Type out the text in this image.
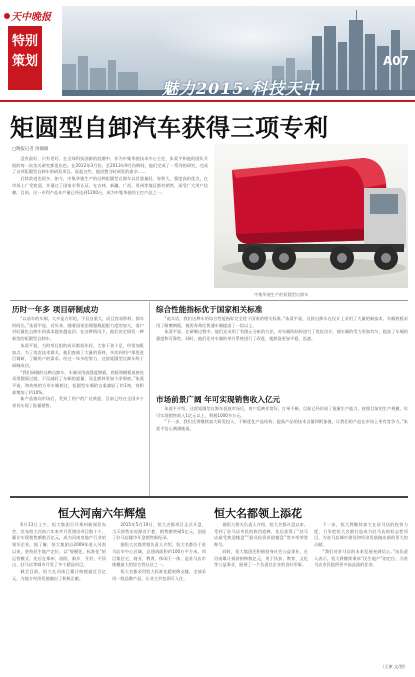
天中晚报
特别
策划
魅力2015·科技天中
A07
矩圆型自卸汽车获得三项专利
□晚报记者 汤佩佩

没有最好，只有更好。在全球科技创新的浪潮中，作为中集华骏技术中心主任，朱爱平和他的团队开展的每一次攻关研究都很出色。在2012年3月份，至2013年9月份期间，他们完成了一系列的研究，完成了这项矩圆型自卸车的研发项目。说起这些，他回想当时研发的艰辛……

后续改进也很多，如今，中集华骏生产的这种矩圆型自卸车以其重量轻、容积大、强度高的优点，在市场上广受欢迎，并通过了国家专利认证，在吉林、新疆、广西、贵州等地区都有销售，深受广大用户信赖。目前，这一专利产品年产量已经达到1200台，成为中集华骏的主打产品之一。

中集华骏生产的矩圆型自卸车
历时一年多 项目研制成功

“以前车的车厢，大多是方形的，不仅自重大，而且容易积料，卸车时间长。”朱爱平说，近年来，随着国家治理超载超限力度的加大，客户对轻量化自卸车的需求越来越迫切。在这种情况下，他们决定研发一种新型的矩圆型自卸车。

朱爱平说，当时项目组的成员都很年轻，大家干劲十足，经常加班加点。为了攻克技术难关，他们查阅了大量的资料，多次到用户那里进行调研，了解用户的需求。经过一年多的努力，这款矩圆型自卸车终于研制成功。

“我们研制的这种自卸车，车厢采用高强度钢板，底板和侧板连接处采用圆弧过渡，不仅减轻了车厢的重量，而且卸料更加干净彻底。”朱爱平说，和传统的方形车厢相比，矩圆型车厢的自重减轻了约1吨，容积却增加了约10%。

新产品推向市场后，受到了用户的广泛欢迎，目前已经在全国多个省份实现了批量销售。

综合性能指标优于国家相关标准

“说实话，我们这种车的综合性能指标完全优于国家的相关标准。”朱爱平说，这款自卸车在设计上采用了大量的新技术，车厢底板采用了耐磨钢板，使用寿命比普通车厢提高了一倍以上。

朱爱平说，在研制过程中，他们还采用了有限元分析的方法，对车厢的结构进行了优化设计，使车厢的受力更加均匀，提高了车厢的强度和可靠性。同时，他们还对车厢的举升系统进行了改进，使卸货更加平稳、迅速。

市场前景广阔 年可实现销售收入亿元

朱爱平介绍，这款矩圆型自卸车投放市场后，用户反映非常好，订单不断，目前已经形成了批量生产能力。按照目前的生产规模，年可实现销售收入1亿元以上，利税1000多万元。

“下一步，我们还将继续加大研发投入，不断优化产品结构，提高产品的技术含量和附加值，让我们的产品在市场上更有竞争力。”朱爱平信心满满地说。

恒大河南六年辉煌	恒大名都领上添花

6月23日上午，恒大集团召开郑州新闻发布会，宣布恒大河南六年来共开发建设项目数十个，累计实现销售额数百亿元，成为河南房地产行业的领军企业。据了解，恒大集团自2009年进入河南以来，坚持民生地产定位，以“规模化、标准化”的运营模式，先后在郑州、洛阳、新乡、开封、平顶山、驻马店等城市开发了多个精品项目。

截至目前，恒大在河南已累计纳税超过百亿元，为地方经济发展做出了积极贡献。

2015年5月19日，恒大名都项目正式开盘，当天即售出房源近千套，销售额突破5亿元，创造了驻马店楼市开盘销售新纪录。

据恒大名都营销负责人介绍，恒大名都位于驻马店市中心区域，总建筑面积约100万平方米，项目集住宅、商业、教育、休闲于一体，是驻马店市规模最大的综合性社区之一。

恒大名都采用恒大标准化精装修交楼，全部采用一线品牌产品，让业主拎包即可入住。

据恒大相关负责人介绍，恒大名都开盘以来，受到了驻马店市民的热烈追捧，先后获得了“驻马店最受欢迎楼盘”“最具投资价值楼盘”等多项荣誉称号。

同时，恒大集团还积极投身社会公益事业，在河南累计捐款捐物数亿元，用于扶贫、教育、文化等公益事业，展现了一个负责任企业的良好形象。

下一步，恒大将继续加大在驻马店的投资力度，力争把恒大名都打造成为驻马店的标志性项目，为驻马店城市建设和经济发展做出新的更大的贡献。

“我们对驻马店的未来发展充满信心。”该负责人表示，恒大将继续秉承“民生地产”的定位，为驻马店市民提供更多高品质的住房。

（王康 文/图）
